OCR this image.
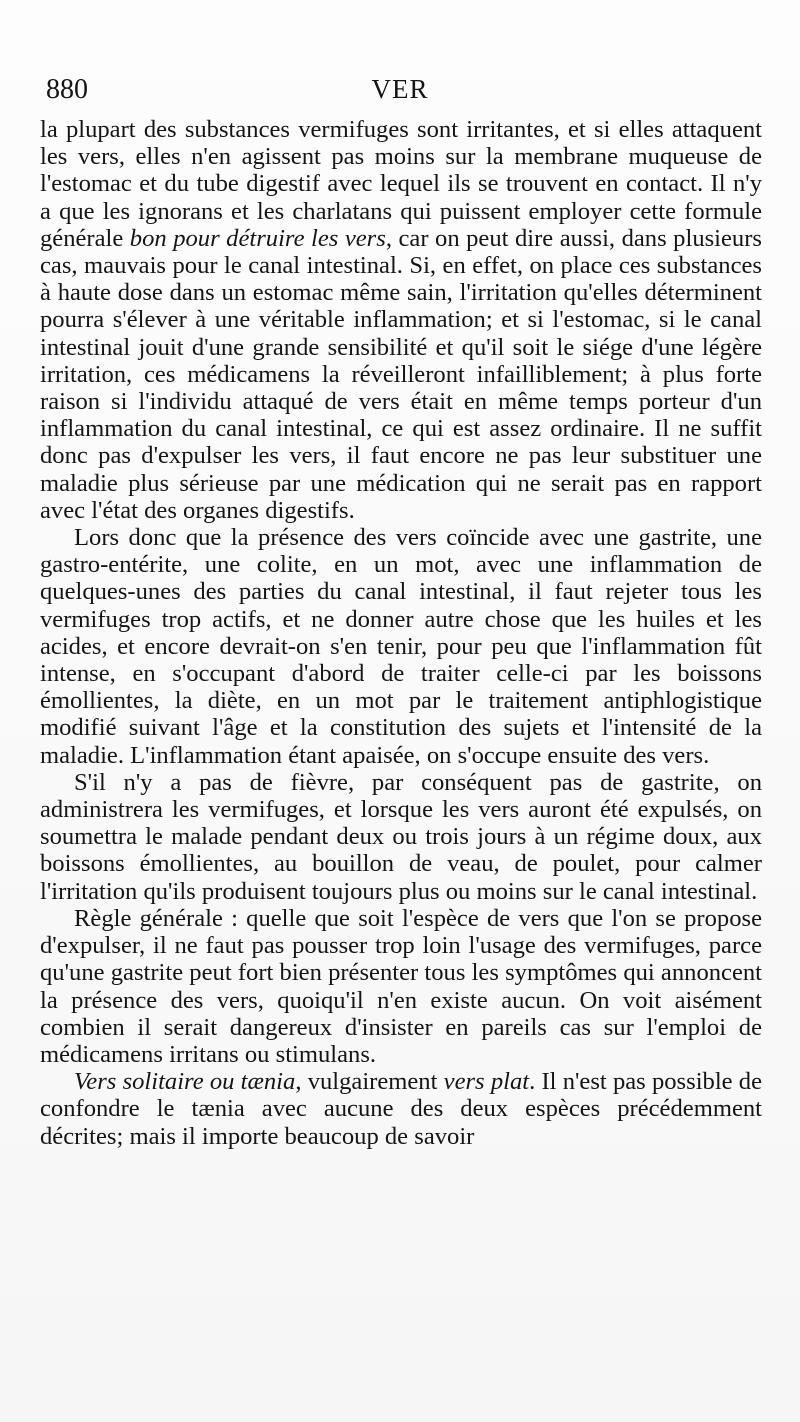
880	VER

la plupart des substances vermifuges sont irritantes, et si elles attaquent les vers, elles n'en agissent pas moins sur la membrane muqueuse de l'estomac et du tube digestif avec lequel ils se trouvent en contact. Il n'y a que les ignorans et les charlatans qui puissent employer cette formule générale bon pour détruire les vers, car on peut dire aussi, dans plusieurs cas, mauvais pour le canal intestinal. Si, en effet, on place ces substances à haute dose dans un estomac même sain, l'irritation qu'elles déterminent pourra s'élever à une véritable inflammation; et si l'estomac, si le canal intestinal jouit d'une grande sensibilité et qu'il soit le siége d'une légère irritation, ces médicamens la réveilleront infailliblement; à plus forte raison si l'individu attaqué de vers était en même temps porteur d'un inflammation du canal intestinal, ce qui est assez ordinaire. Il ne suffit donc pas d'expulser les vers, il faut encore ne pas leur substituer une maladie plus sérieuse par une médication qui ne serait pas en rapport avec l'état des organes digestifs.

Lors donc que la présence des vers coïncide avec une gastrite, une gastro-entérite, une colite, en un mot, avec une inflammation de quelques-unes des parties du canal intestinal, il faut rejeter tous les vermifuges trop actifs, et ne donner autre chose que les huiles et les acides, et encore devrait-on s'en tenir, pour peu que l'inflammation fût intense, en s'occupant d'abord de traiter celle-ci par les boissons émollientes, la diète, en un mot par le traitement antiphlogistique modifié suivant l'âge et la constitution des sujets et l'intensité de la maladie. L'inflammation étant apaisée, on s'occupe ensuite des vers.

S'il n'y a pas de fièvre, par conséquent pas de gastrite, on administrera les vermifuges, et lorsque les vers auront été expulsés, on soumettra le malade pendant deux ou trois jours à un régime doux, aux boissons émollientes, au bouillon de veau, de poulet, pour calmer l'irritation qu'ils produisent toujours plus ou moins sur le canal intestinal.

Règle générale : quelle que soit l'espèce de vers que l'on se propose d'expulser, il ne faut pas pousser trop loin l'usage des vermifuges, parce qu'une gastrite peut fort bien présenter tous les symptômes qui annoncent la présence des vers, quoiqu'il n'en existe aucun. On voit aisément combien il serait dangereux d'insister en pareils cas sur l'emploi de médicamens irritans ou stimulans.

Vers solitaire ou tænia, vulgairement vers plat. Il n'est pas possible de confondre le tænia avec aucune des deux espèces précédemment décrites; mais il importe beaucoup de savoir
